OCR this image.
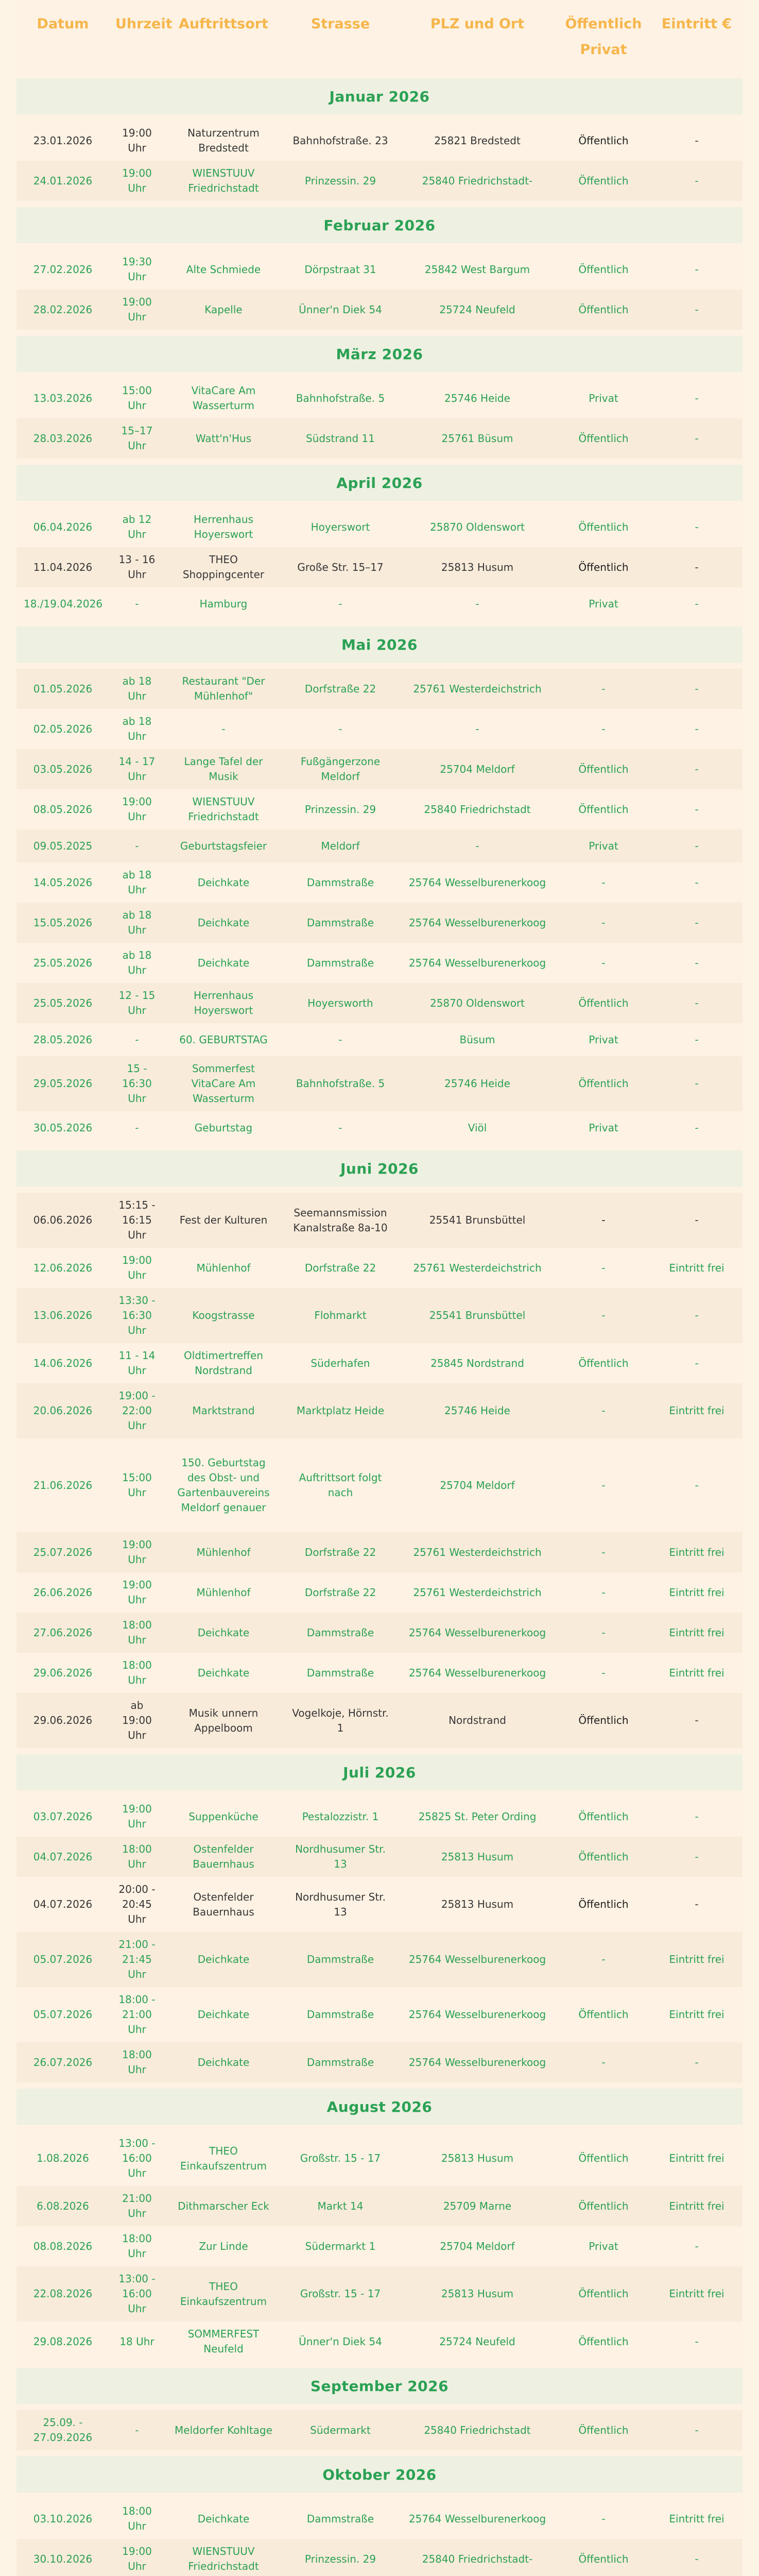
Datum	Uhrzeit	Auftrittsort	Strasse	PLZ und Ort	Öffentlich Privat	Eintritt €

Januar 2026						

23.01.2026	19:00 Uhr	Naturzentrum Bredstedt	Bahnhofstraße. 23	25821 Bredstedt	Öffentlich	-
24.01.2026	19:00 Uhr	WIENSTUUV Friedrichstadt	Prinzessin. 29	25840 Friedrichstadt-	Öffentlich	-

Februar 2026						

27.02.2026	19:30 Uhr	Alte Schmiede	Dörpstraat 31	25842 West Bargum	Öffentlich	-
28.02.2026	19:00 Uhr	Kapelle	Ünner'n Diek 54	25724 Neufeld	Öffentlich	-

März 2026						

13.03.2026	15:00 Uhr	VitaCare Am Wasserturm	Bahnhofstraße. 5	25746 Heide	Privat	-
28.03.2026	15–17 Uhr	Watt'n'Hus	Südstrand 11	25761 Büsum	Öffentlich	-

April 2026						

06.04.2026	ab 12 Uhr	Herrenhaus Hoyerswort	Hoyerswort	25870 Oldenswort	Öffentlich	-
11.04.2026	13 - 16 Uhr	THEO Shoppingcenter	Große Str. 15–17	25813 Husum	Öffentlich	-
18./19.04.2026	-	Hamburg	-	-	Privat	-

Mai 2026						

01.05.2026	ab 18 Uhr	Restaurant "Der Mühlenhof"	Dorfstraße 22	25761 Westerdeichstrich	-	-
02.05.2026	ab 18 Uhr	-	-	-	-	-
03.05.2026	14 - 17 Uhr	Lange Tafel der Musik	Fußgängerzone Meldorf	25704 Meldorf	Öffentlich	-
08.05.2026	19:00 Uhr	WIENSTUUV Friedrichstadt	Prinzessin. 29	25840 Friedrichstadt	Öffentlich	-
09.05.2025	-	Geburtstagsfeier	Meldorf	-	Privat	-
14.05.2026	ab 18 Uhr	Deichkate	Dammstraße	25764 Wesselburenerkoog	-	-
15.05.2026	ab 18 Uhr	Deichkate	Dammstraße	25764 Wesselburenerkoog	-	-
25.05.2026	ab 18 Uhr	Deichkate	Dammstraße	25764 Wesselburenerkoog	-	-
25.05.2026	12 - 15 Uhr	Herrenhaus Hoyerswort	Hoyersworth	25870 Oldenswort	Öffentlich	-
28.05.2026	-	60. GEBURTSTAG	-	Büsum	Privat	-
29.05.2026	15 - 16:30 Uhr	Sommerfest VitaCare Am Wasserturm	Bahnhofstraße. 5	25746 Heide	Öffentlich	-
30.05.2026	-	Geburtstag	-	Viöl	Privat	-

Juni 2026						

06.06.2026	15:15 - 16:15 Uhr	Fest der Kulturen	Seemannsmission Kanalstraße 8a-10	25541 Brunsbüttel	-	-
12.06.2026	19:00 Uhr	Mühlenhof	Dorfstraße 22	25761 Westerdeichstrich	-	Eintritt frei
13.06.2026	13:30 - 16:30 Uhr	Koogstrasse	Flohmarkt	25541 Brunsbüttel	-	-
14.06.2026	11 - 14 Uhr	Oldtimertreffen Nordstrand	Süderhafen	25845 Nordstrand	Öffentlich	-
20.06.2026	19:00 - 22:00 Uhr	Marktstrand	Marktplatz Heide	25746 Heide	-	Eintritt frei
21.06.2026	15:00 Uhr	150. Geburtstag des Obst- und Gartenbauvereins Meldorf genauer	Auftrittsort folgt nach	25704 Meldorf	-	-
25.07.2026	19:00 Uhr	Mühlenhof	Dorfstraße 22	25761 Westerdeichstrich	-	Eintritt frei
26.06.2026	19:00 Uhr	Mühlenhof	Dorfstraße 22	25761 Westerdeichstrich	-	Eintritt frei
27.06.2026	18:00 Uhr	Deichkate	Dammstraße	25764 Wesselburenerkoog	-	Eintritt frei
29.06.2026	18:00 Uhr	Deichkate	Dammstraße	25764 Wesselburenerkoog	-	Eintritt frei
29.06.2026	ab 19:00 Uhr	Musik unnern Appelboom	Vogelkoje, Hörnstr. 1	Nordstrand	Öffentlich	-

Juli 2026						

03.07.2026	19:00 Uhr	Suppenküche	Pestalozzistr. 1	25825 St. Peter Ording	Öffentlich	-
04.07.2026	18:00 Uhr	Ostenfelder Bauernhaus	Nordhusumer Str. 13	25813 Husum	Öffentlich	-
04.07.2026	20:00 - 20:45 Uhr	Ostenfelder Bauernhaus	Nordhusumer Str. 13	25813 Husum	Öffentlich	-
05.07.2026	21:00 - 21:45 Uhr	Deichkate	Dammstraße	25764 Wesselburenerkoog	-	Eintritt frei
05.07.2026	18:00 - 21:00 Uhr	Deichkate	Dammstraße	25764 Wesselburenerkoog	Öffentlich	Eintritt frei
26.07.2026	18:00 Uhr	Deichkate	Dammstraße	25764 Wesselburenerkoog	-	-

August 2026						

1.08.2026	13:00 - 16:00 Uhr	THEO Einkaufszentrum	Großstr. 15 - 17	25813 Husum	Öffentlich	Eintritt frei
6.08.2026	21:00 Uhr	Dithmarscher Eck	Markt 14	25709 Marne	Öffentlich	Eintritt frei
08.08.2026	18:00 Uhr	Zur Linde	Südermarkt 1	25704 Meldorf	Privat	-
22.08.2026	13:00 - 16:00 Uhr	THEO Einkaufszentrum	Großstr. 15 - 17	25813 Husum	Öffentlich	Eintritt frei
29.08.2026	18 Uhr	SOMMERFEST Neufeld	Ünner'n Diek 54	25724 Neufeld	Öffentlich	-

September 2026						

25.09. - 27.09.2026	-	Meldorfer Kohltage	Südermarkt	25840 Friedrichstadt	Öffentlich	-

Oktober 2026						

03.10.2026	18:00 Uhr	Deichkate	Dammstraße	25764 Wesselburenerkoog	-	Eintritt frei
30.10.2026	19:00 Uhr	WIENSTUUV Friedrichstadt	Prinzessin. 29	25840 Friedrichstadt-	Öffentlich	-
